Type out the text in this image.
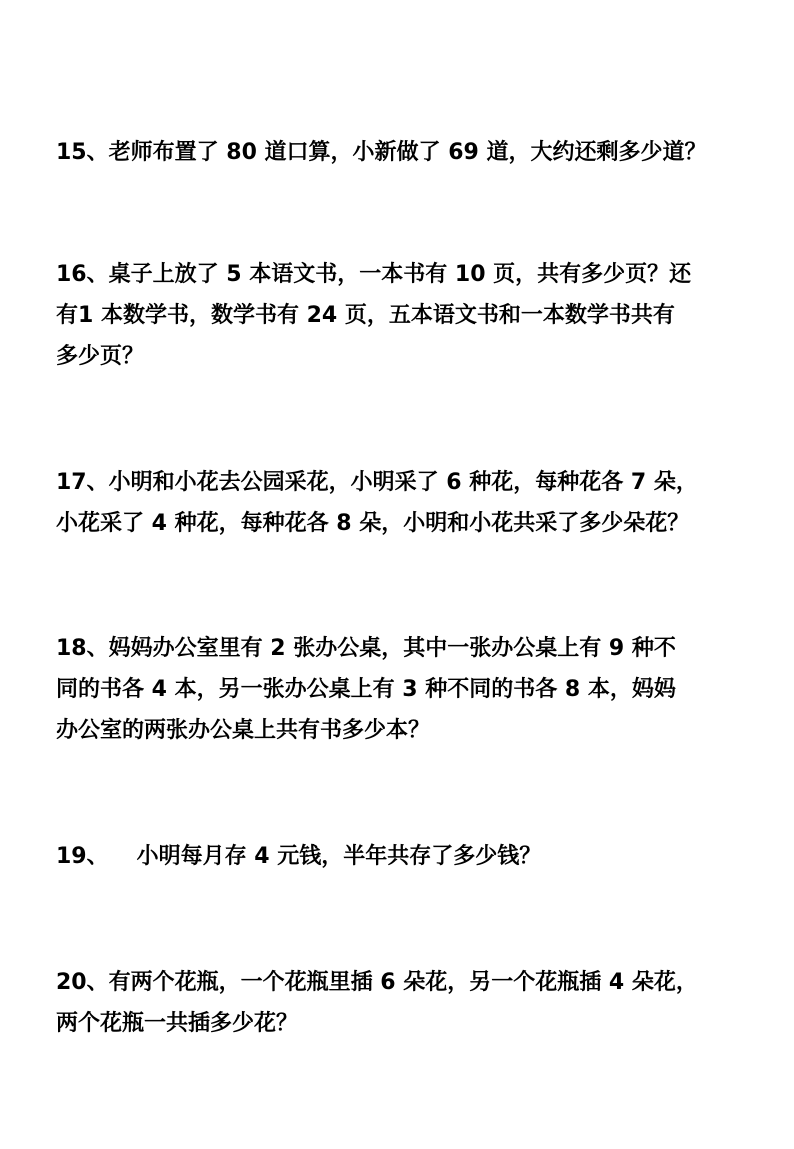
15、老师布置了 80 道口算，小新做了 69 道，大约还剩多少道？
16、桌子上放了 5 本语文书，一本书有 10 页，共有多少页？还
有1 本数学书，数学书有 24 页，五本语文书和一本数学书共有
多少页？
17、小明和小花去公园采花，小明采了 6 种花，每种花各 7 朵，
小花采了 4 种花，每种花各 8 朵，小明和小花共采了多少朵花？
18、妈妈办公室里有 2 张办公桌，其中一张办公桌上有 9 种不
同的书各 4 本，另一张办公桌上有 3 种不同的书各 8 本，妈妈
办公室的两张办公桌上共有书多少本？
19、 小明每月存 4 元钱，半年共存了多少钱？
20、有两个花瓶，一个花瓶里插 6 朵花，另一个花瓶插 4 朵花，
两个花瓶一共插多少花？
